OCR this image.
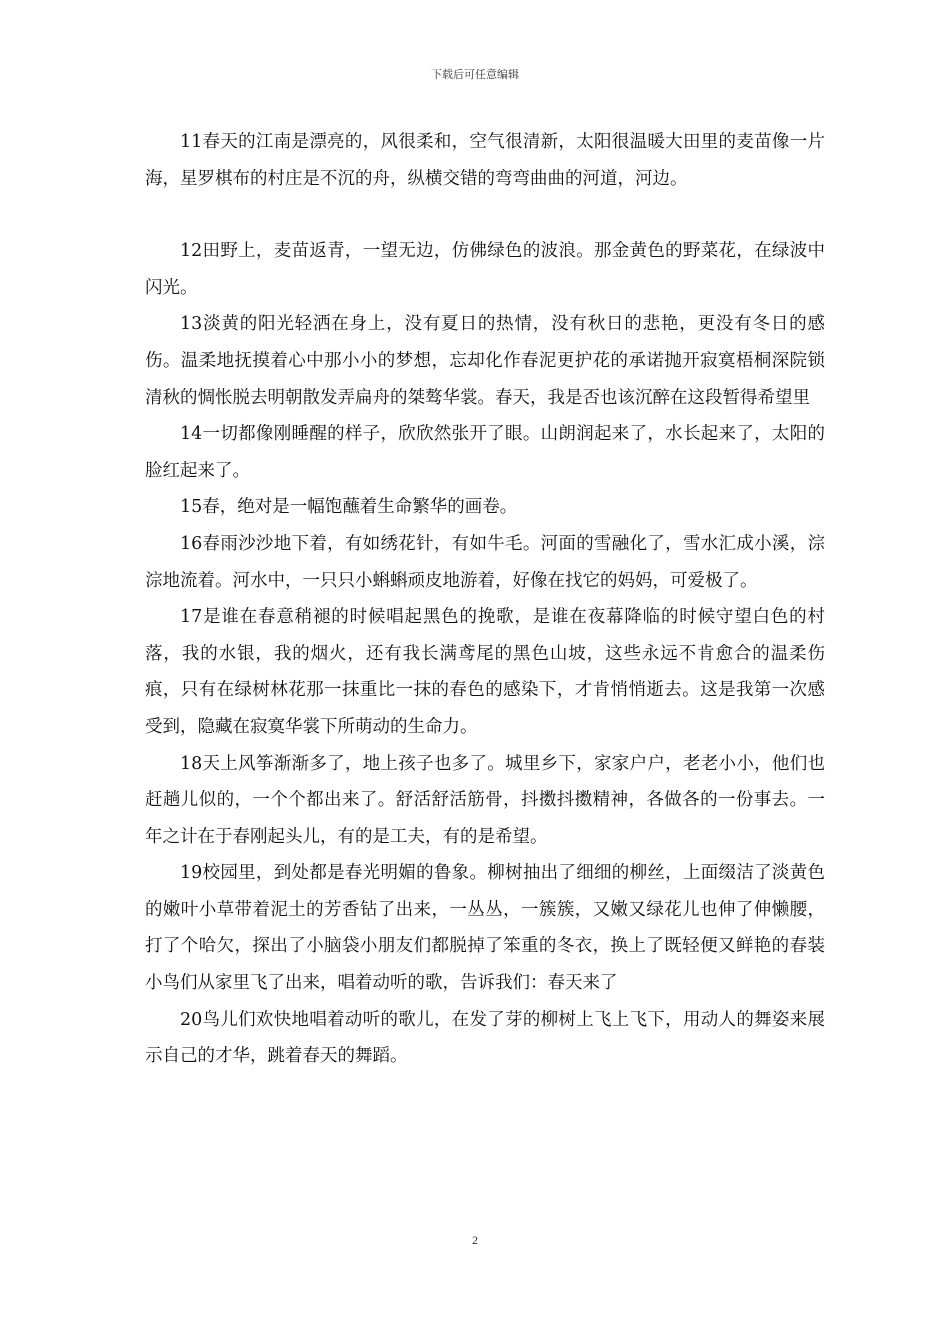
下载后可任意编辑

11春天的江南是漂亮的，风很柔和，空气很清新，太阳很温暖大田里的麦苗像一片海，星罗棋布的村庄是不沉的舟，纵横交错的弯弯曲曲的河道，河边。

12田野上，麦苗返青，一望无边，仿佛绿色的波浪。那金黄色的野菜花，在绿波中闪光。

13淡黄的阳光轻洒在身上，没有夏日的热情，没有秋日的悲艳，更没有冬日的感伤。温柔地抚摸着心中那小小的梦想，忘却化作春泥更护花的承诺抛开寂寞梧桐深院锁清秋的惆怅脱去明朝散发弄扁舟的桀骜华裳。春天，我是否也该沉醉在这段暂得希望里

14一切都像刚睡醒的样子，欣欣然张开了眼。山朗润起来了，水长起来了，太阳的脸红起来了。

15春，绝对是一幅饱蘸着生命繁华的画卷。

16春雨沙沙地下着，有如绣花针，有如牛毛。河面的雪融化了，雪水汇成小溪，淙淙地流着。河水中，一只只小蝌蝌顽皮地游着，好像在找它的妈妈，可爱极了。

17是谁在春意稍褪的时候唱起黑色的挽歌，是谁在夜幕降临的时候守望白色的村落，我的水银，我的烟火，还有我长满鸢尾的黑色山坡，这些永远不肯愈合的温柔伤痕，只有在绿树林花那一抹重比一抹的春色的感染下，才肯悄悄逝去。这是我第一次感受到，隐藏在寂寞华裳下所萌动的生命力。

18天上风筝渐渐多了，地上孩子也多了。城里乡下，家家户户，老老小小，他们也赶趟儿似的，一个个都出来了。舒活舒活筋骨，抖擞抖擞精神，各做各的一份事去。一年之计在于春刚起头儿，有的是工夫，有的是希望。

19校园里，到处都是春光明媚的鲁象。柳树抽出了细细的柳丝，上面缀洁了淡黄色的嫩叶小草带着泥土的芳香钻了出来，一丛丛，一簇簇，又嫩又绿花儿也伸了伸懒腰，打了个哈欠，探出了小脑袋小朋友们都脱掉了笨重的冬衣，换上了既轻便又鲜艳的春装小鸟们从家里飞了出来，唱着动听的歌，告诉我们：春天来了

20鸟儿们欢快地唱着动听的歌儿，在发了芽的柳树上飞上飞下，用动人的舞姿来展示自己的才华，跳着春天的舞蹈。

2
